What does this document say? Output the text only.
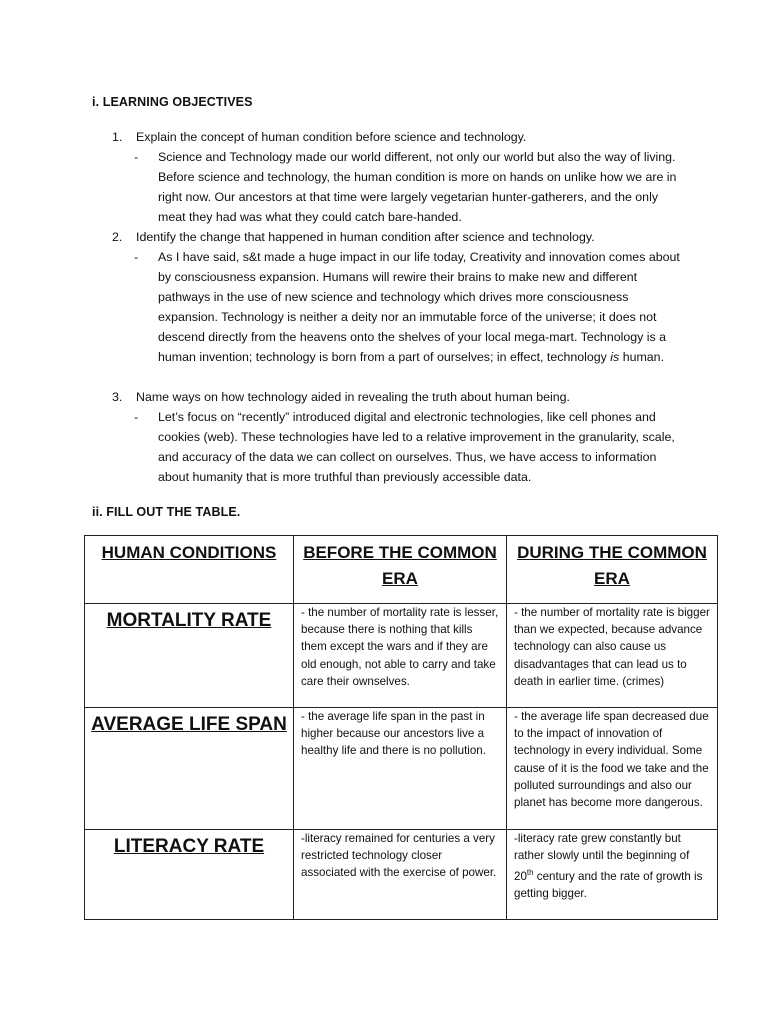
i. LEARNING OBJECTIVES
1. Explain the concept of human condition before science and technology.
- Science and Technology made our world different, not only our world but also the way of living. Before science and technology, the human condition is more on hands on unlike how we are in right now. Our ancestors at that time were largely vegetarian hunter-gatherers, and the only meat they had was what they could catch bare-handed.
2. Identify the change that happened in human condition after science and technology.
- As I have said, s&t made a huge impact in our life today, Creativity and innovation comes about by consciousness expansion. Humans will rewire their brains to make new and different pathways in the use of new science and technology which drives more consciousness expansion. Technology is neither a deity nor an immutable force of the universe; it does not descend directly from the heavens onto the shelves of your local mega-mart. Technology is a human invention; technology is born from a part of ourselves; in effect, technology is human.
3. Name ways on how technology aided in revealing the truth about human being.
- Let’s focus on “recently” introduced digital and electronic technologies, like cell phones and cookies (web). These technologies have led to a relative improvement in the granularity, scale, and accuracy of the data we can collect on ourselves. Thus, we have access to information about humanity that is more truthful than previously accessible data.
ii. FILL OUT THE TABLE.
HUMAN CONDITIONS	BEFORE THE COMMON ERA	DURING THE COMMON ERA
MORTALITY RATE	- the number of mortality rate is lesser, because there is nothing that kills them except the wars and if they are old enough, not able to carry and take care their ownselves.	- the number of mortality rate is bigger than we expected, because advance technology can also cause us disadvantages that can lead us to death in earlier time. (crimes)
AVERAGE LIFE SPAN	- the average life span in the past in higher because our ancestors live a healthy life and there is no pollution.	- the average life span decreased due to the impact of innovation of technology in every individual. Some cause of it is the food we take and the polluted surroundings and also our planet has become more dangerous.
LITERACY RATE	-literacy remained for centuries a very restricted technology closer associated with the exercise of power.	-literacy rate grew constantly but rather slowly until the beginning of 20th century and the rate of growth is getting bigger.
